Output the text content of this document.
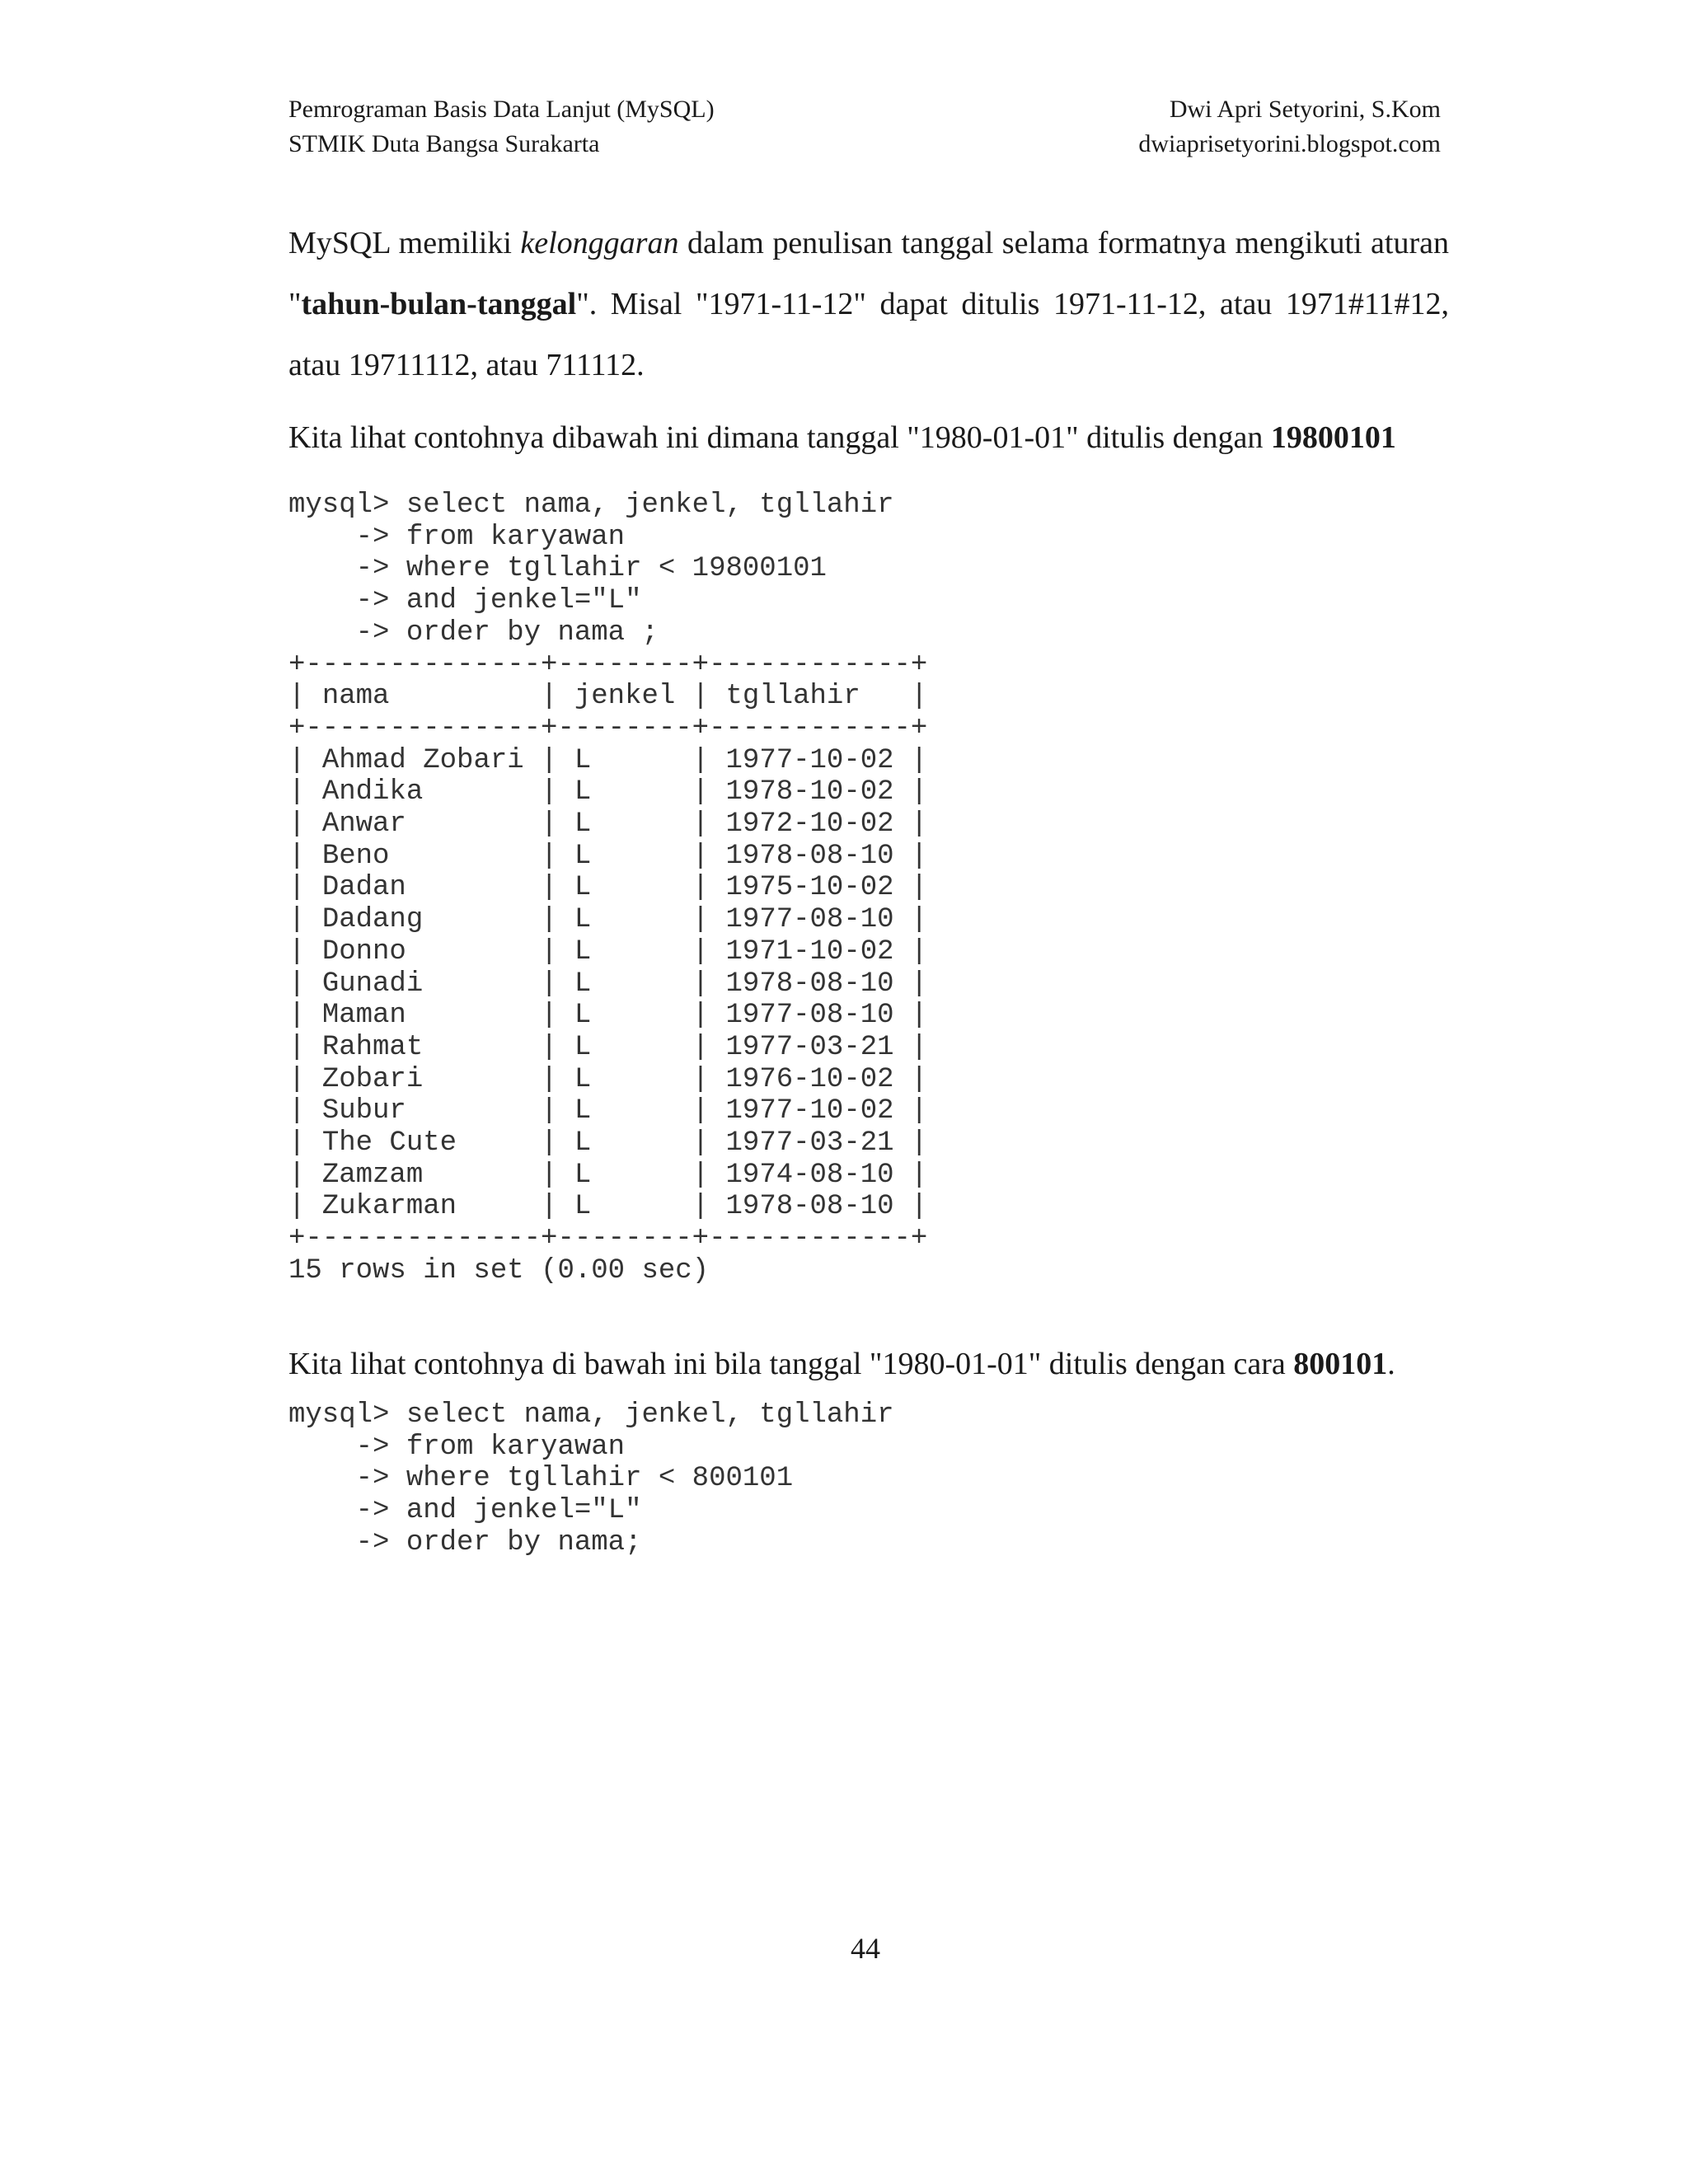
Pemrograman Basis Data Lanjut (MySQL)	Dwi Apri Setyorini, S.Kom
STMIK Duta Bangsa Surakarta	dwiaprisetyorini.blogspot.com

MySQL memiliki kelonggaran dalam penulisan tanggal selama formatnya mengikuti aturan "tahun-bulan-tanggal". Misal "1971-11-12" dapat ditulis 1971-11-12, atau 1971#11#12, atau 19711112, atau 711112.

Kita lihat contohnya dibawah ini dimana tanggal "1980-01-01" ditulis dengan 19800101

mysql> select nama, jenkel, tgllahir
-> from karyawan
-> where tgllahir < 19800101
-> and jenkel="L"
-> order by nama ;
+--------------+--------+------------+
| nama         | jenkel | tgllahir   |
+--------------+--------+------------+
| Ahmad Zobari | L      | 1977-10-02 |
| Andika       | L      | 1978-10-02 |
| Anwar        | L      | 1972-10-02 |
| Beno         | L      | 1978-08-10 |
| Dadan        | L      | 1975-10-02 |
| Dadang       | L      | 1977-08-10 |
| Donno        | L      | 1971-10-02 |
| Gunadi       | L      | 1978-08-10 |
| Maman        | L      | 1977-08-10 |
| Rahmat       | L      | 1977-03-21 |
| Zobari       | L      | 1976-10-02 |
| Subur        | L      | 1977-10-02 |
| The Cute     | L      | 1977-03-21 |
| Zamzam       | L      | 1974-08-10 |
| Zukarman     | L      | 1978-08-10 |
+--------------+--------+------------+
15 rows in set (0.00 sec)

Kita lihat contohnya di bawah ini bila tanggal "1980-01-01" ditulis dengan cara 800101.

mysql> select nama, jenkel, tgllahir
-> from karyawan
-> where tgllahir < 800101
-> and jenkel="L"
-> order by nama;
44
